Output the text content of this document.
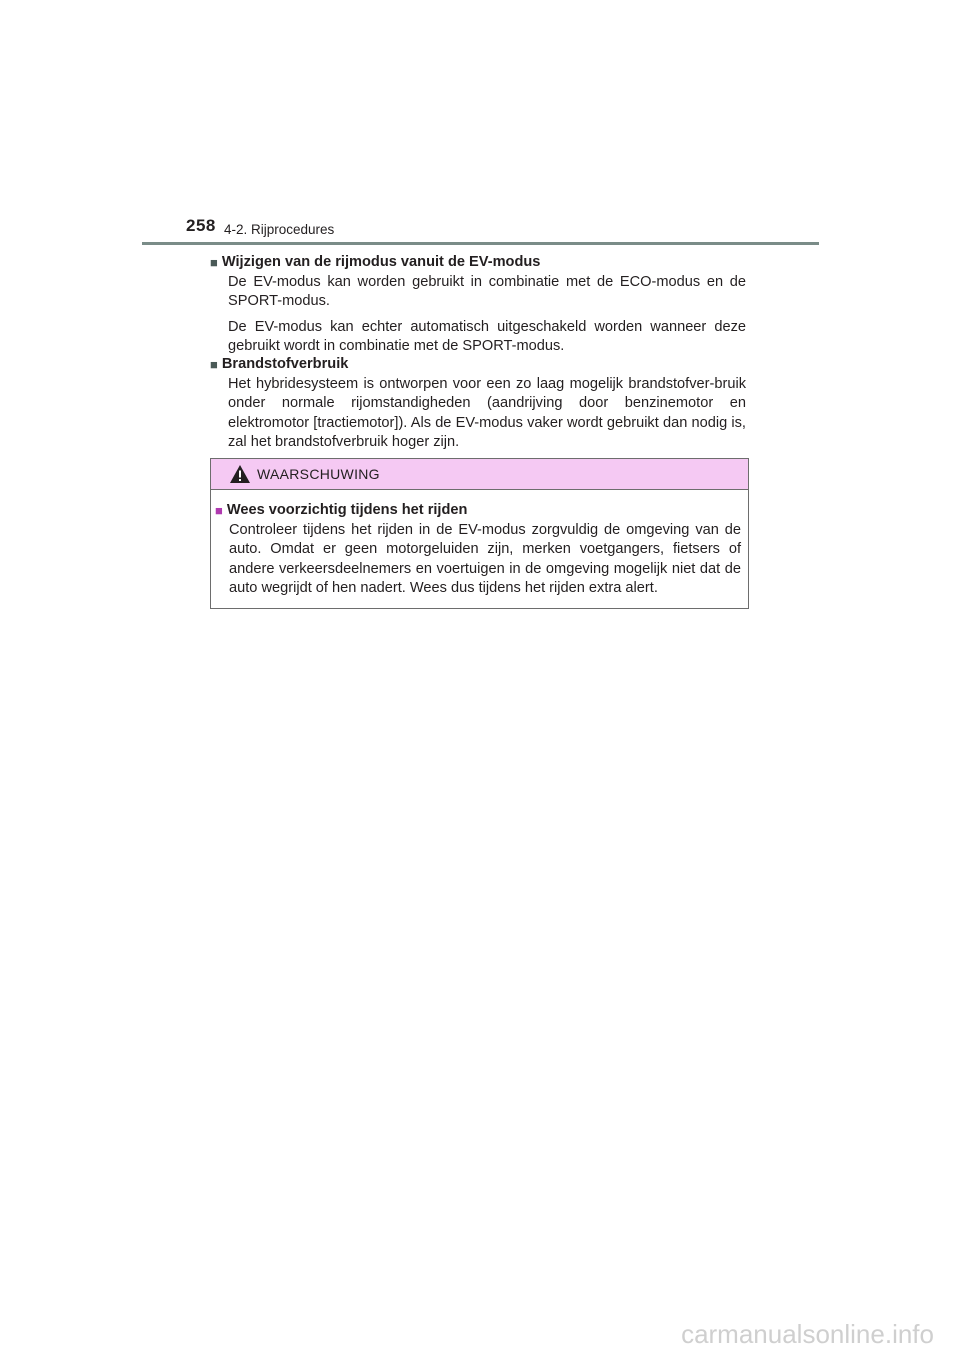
258 4-2. Rijprocedures
■ Wijzigen van de rijmodus vanuit de EV-modus

De EV-modus kan worden gebruikt in combinatie met de ECO-modus en de SPORT-modus.

De EV-modus kan echter automatisch uitgeschakeld worden wanneer deze gebruikt wordt in combinatie met de SPORT-modus.

■ Brandstofverbruik

Het hybridesysteem is ontworpen voor een zo laag mogelijk brandstofver-bruik onder normale rijomstandigheden (aandrijving door benzinemotor en elektromotor [tractiemotor]). Als de EV-modus vaker wordt gebruikt dan nodig is, zal het brandstofverbruik hoger zijn.

WAARSCHUWING
■ Wees voorzichtig tijdens het rijden

Controleer tijdens het rijden in de EV-modus zorgvuldig de omgeving van de auto. Omdat er geen motorgeluiden zijn, merken voetgangers, fietsers of andere verkeersdeelnemers en voertuigen in de omgeving mogelijk niet dat de auto wegrijdt of hen nadert. Wees dus tijdens het rijden extra alert.

carmanualsonline.info
